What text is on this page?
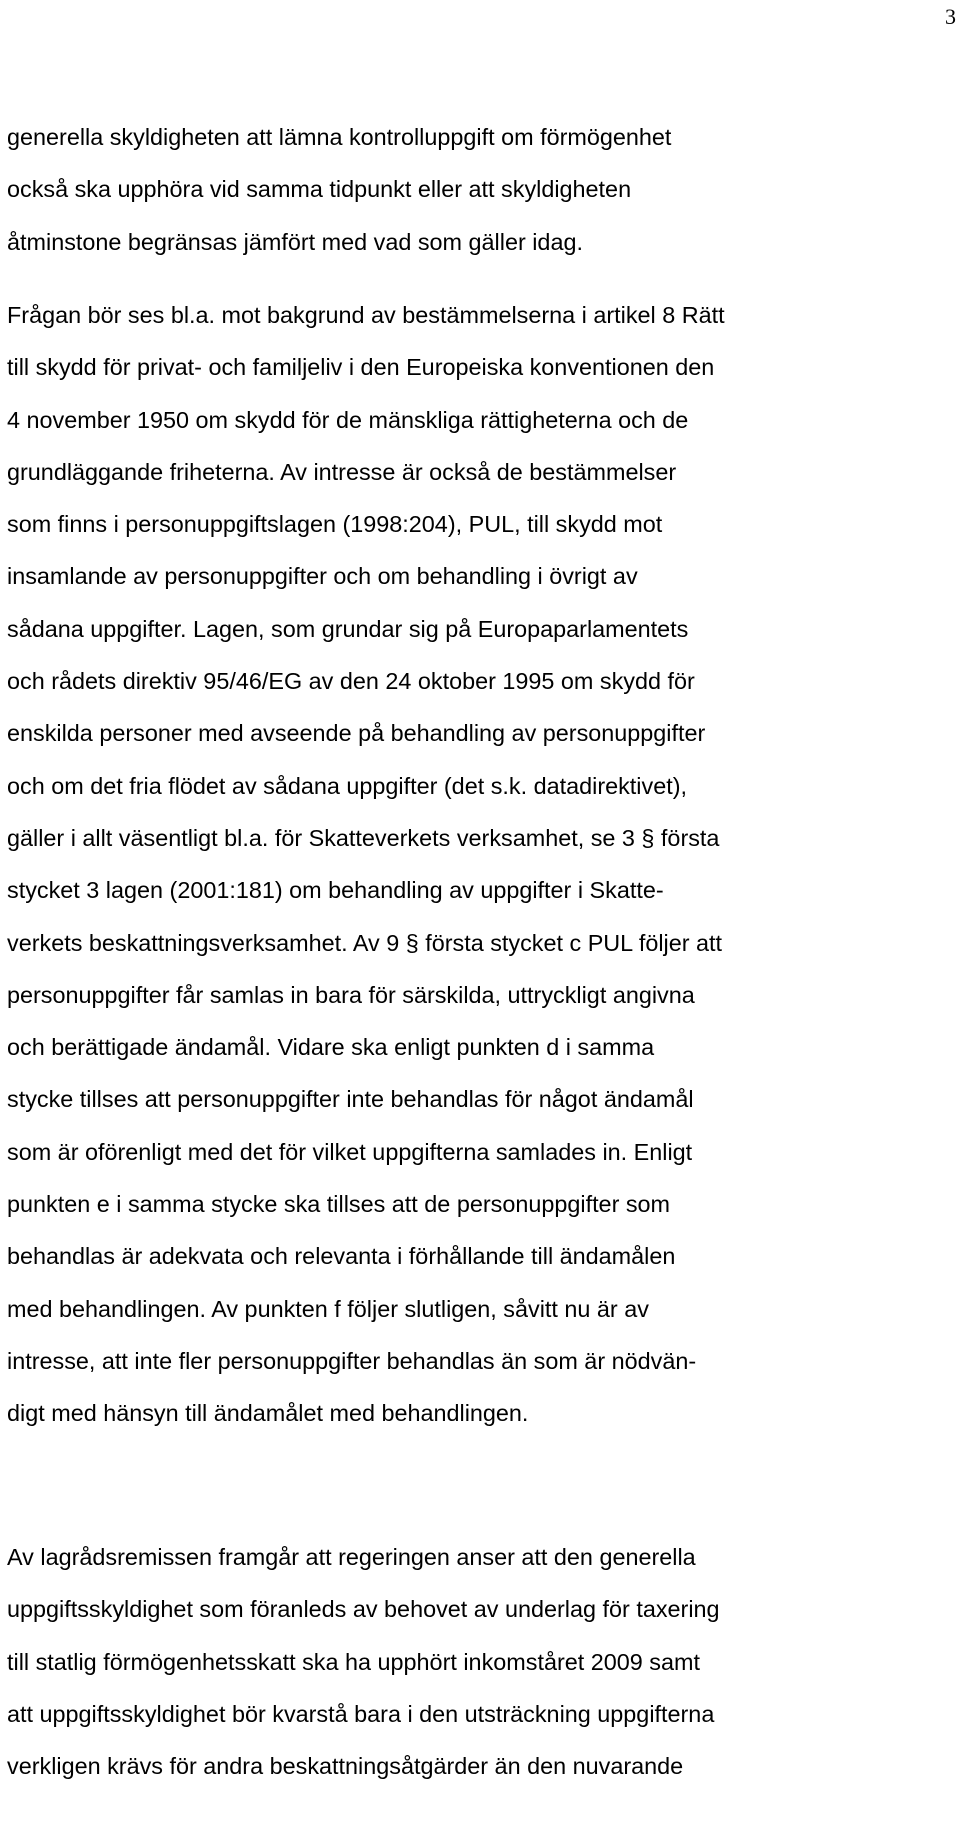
3
generella skyldigheten att lämna kontrolluppgift om förmögenhet
också ska upphöra vid samma tidpunkt eller att skyldigheten
åtminstone begränsas jämfört med vad som gäller idag.
Frågan bör ses bl.a. mot bakgrund av bestämmelserna i artikel 8 Rätt
till skydd för privat- och familjeliv i den Europeiska konventionen den
4 november 1950 om skydd för de mänskliga rättigheterna och de
grundläggande friheterna. Av intresse är också de bestämmelser
som finns i personuppgiftslagen (1998:204), PUL, till skydd mot
insamlande av personuppgifter och om behandling i övrigt av
sådana uppgifter. Lagen, som grundar sig på Europaparlamentets
och rådets direktiv 95/46/EG av den 24 oktober 1995 om skydd för
enskilda personer med avseende på behandling av personuppgifter
och om det fria flödet av sådana uppgifter (det s.k. datadirektivet),
gäller i allt väsentligt bl.a. för Skatteverkets verksamhet, se 3 § första
stycket 3 lagen (2001:181) om behandling av uppgifter i Skatte-
verkets beskattningsverksamhet. Av 9 § första stycket c PUL följer att
personuppgifter får samlas in bara för särskilda, uttryckligt angivna
och berättigade ändamål. Vidare ska enligt punkten d i samma
stycke tillses att personuppgifter inte behandlas för något ändamål
som är oförenligt med det för vilket uppgifterna samlades in. Enligt
punkten e i samma stycke ska tillses att de personuppgifter som
behandlas är adekvata och relevanta i förhållande till ändamålen
med behandlingen. Av punkten f följer slutligen, såvitt nu är av
intresse, att inte fler personuppgifter behandlas än som är nödvän-
digt med hänsyn till ändamålet med behandlingen.
Av lagrådsremissen framgår att regeringen anser att den generella
uppgiftsskyldighet som föranleds av behovet av underlag för taxering
till statlig förmögenhetsskatt ska ha upphört inkomståret 2009 samt
att uppgiftsskyldighet bör kvarstå bara i den utsträckning uppgifterna
verkligen krävs för andra beskattningsåtgärder än den nuvarande
